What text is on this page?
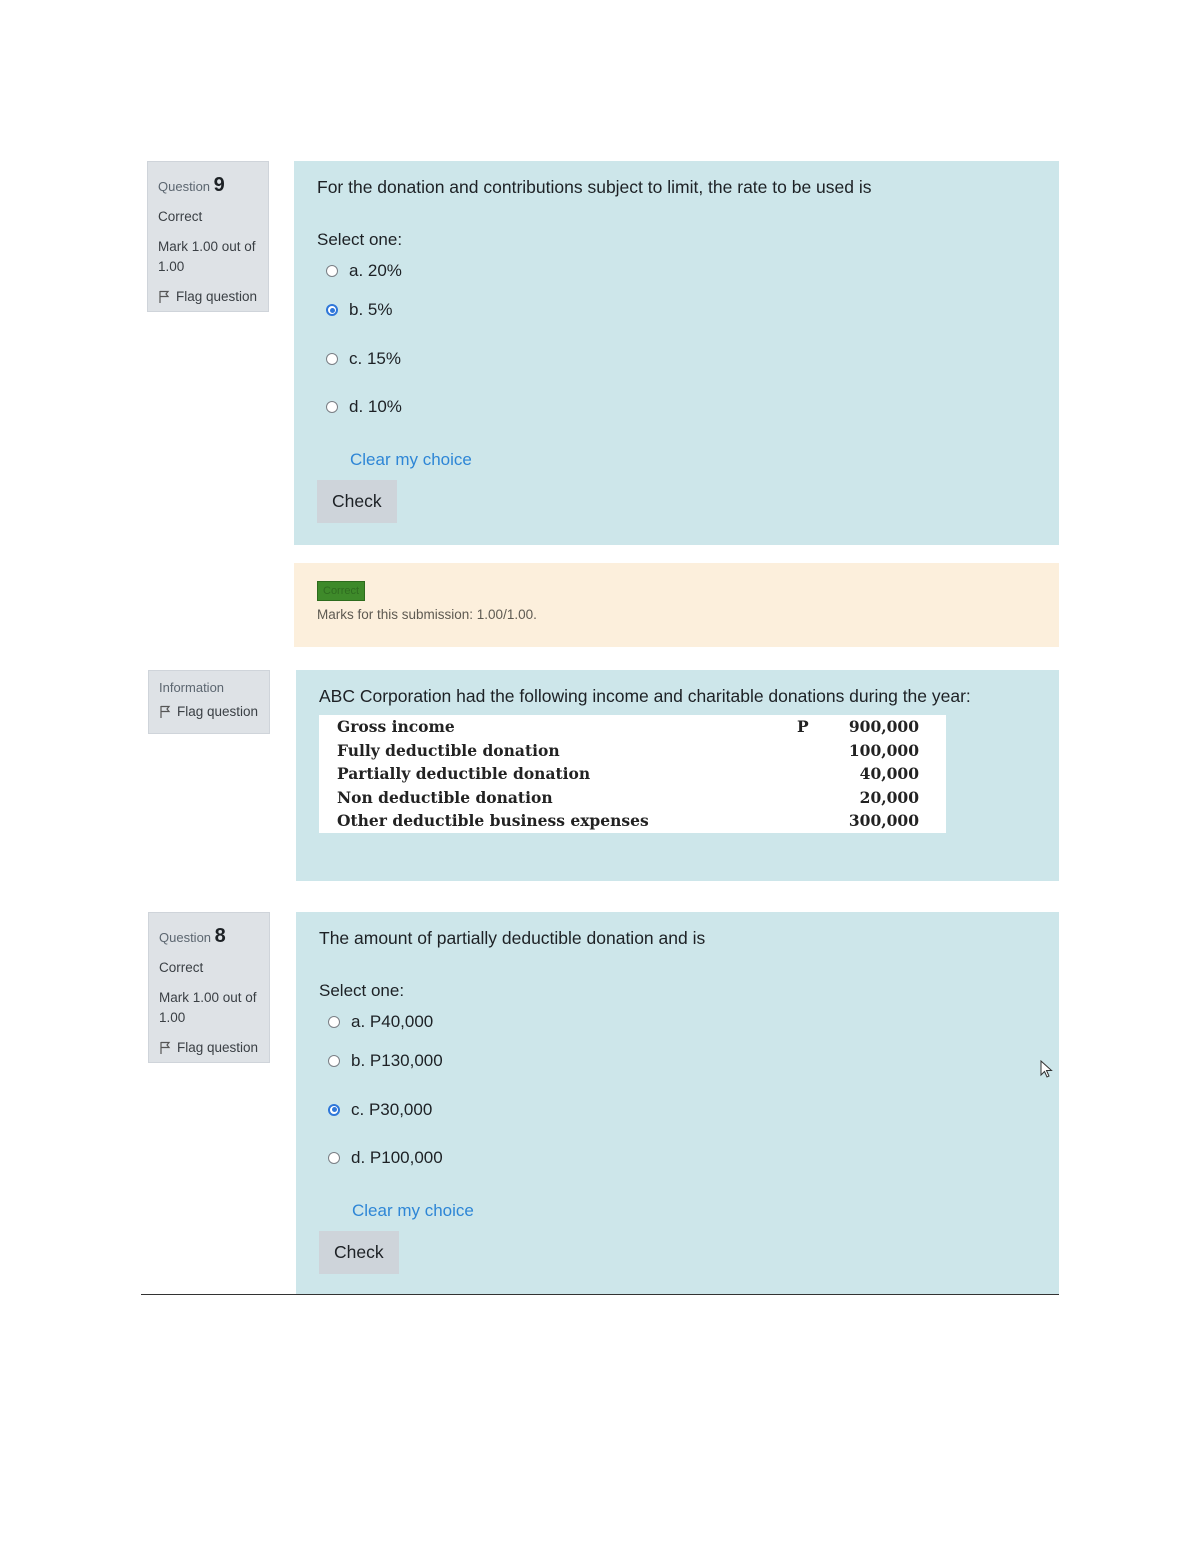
Question 9
Correct
Mark 1.00 out of 1.00
Flag question
For the donation and contributions subject to limit, the rate to be used is
Select one:
a. 20%
b. 5%
c. 15%
d. 10%
Clear my choice
Check
Correct
Marks for this submission: 1.00/1.00.
Information
Flag question
ABC Corporation had the following income and charitable donations during the year:
Gross income	P	900,000
Fully deductible donation		100,000
Partially deductible donation		40,000
Non deductible donation		20,000
Other deductible business expenses		300,000
Question 8
Correct
Mark 1.00 out of 1.00
Flag question
The amount of partially deductible donation and is
Select one:
a. P40,000
b. P130,000
c. P30,000
d. P100,000
Clear my choice
Check
